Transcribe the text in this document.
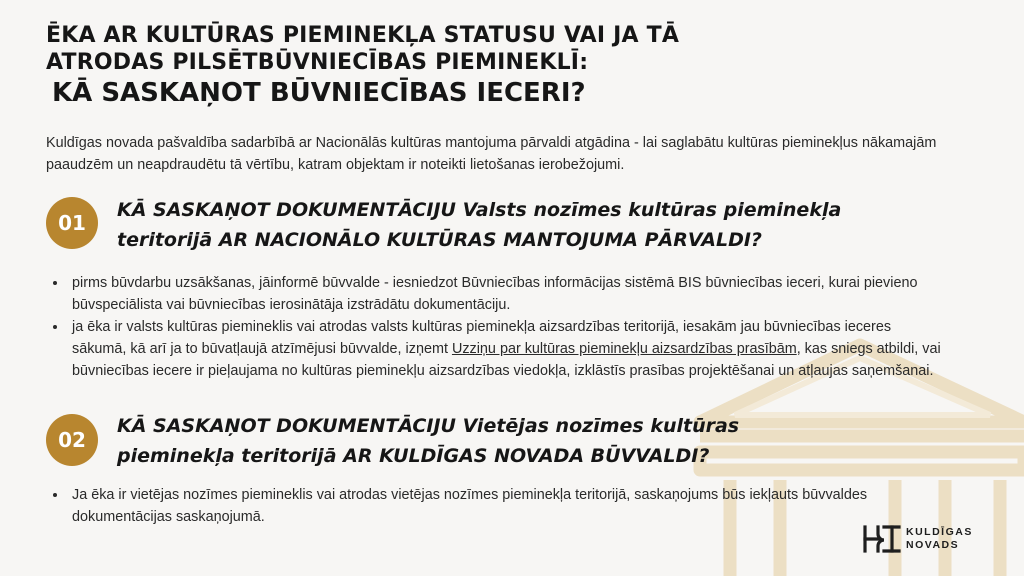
ĒKA AR KULTŪRAS PIEMINEKĻA STATUSU VAI JA TĀ
ATRODAS PILSĒTBŪVNIECĪBAS PIEMINEKLĪ:
KĀ SASKAŅOT BŪVNIECĪBAS IECERI?

Kuldīgas novada pašvaldība sadarbībā ar Nacionālās kultūras mantojuma pārvaldi atgādina - lai saglabātu kultūras pieminekļus nākamajām paaudzēm un neapdraudētu tā vērtību, katram objektam ir noteikti lietošanas ierobežojumi.

01
KĀ SASKAŅOT DOKUMENTĀCIJU Valsts nozīmes kultūras pieminekļa teritorijā AR NACIONĀLO KULTŪRAS MANTOJUMA PĀRVALDI?
• pirms būvdarbu uzsākšanas, jāinformē būvvalde - iesniedzot Būvniecības informācijas sistēmā BIS būvniecības ieceri, kurai pievieno būvspeciālista vai būvniecības ierosinātāja izstrādātu dokumentāciju.
• ja ēka ir valsts kultūras piemineklis vai atrodas valsts kultūras pieminekļa aizsardzības teritorijā, iesakām jau būvniecības ieceres sākumā, kā arī ja to būvatļaujā atzīmējusi būvvalde, izņemt Uzziņu par kultūras pieminekļu aizsardzības prasībām, kas sniegs atbildi, vai būvniecības iecere ir pieļaujama no kultūras pieminekļu aizsardzības viedokļa, izklāstīs prasības projektēšanai un atļaujas saņemšanai.
02
KĀ SASKAŅOT DOKUMENTĀCIJU Vietējas nozīmes kultūras pieminekļa teritorijā AR KULDĪGAS NOVADA BŪVVALDI?
• Ja ēka ir vietējas nozīmes piemineklis vai atrodas vietējas nozīmes pieminekļa teritorijā, saskaņojums būs iekļauts būvvaldes dokumentācijas saskaņojumā.
KULDĪGAS
NOVADS
